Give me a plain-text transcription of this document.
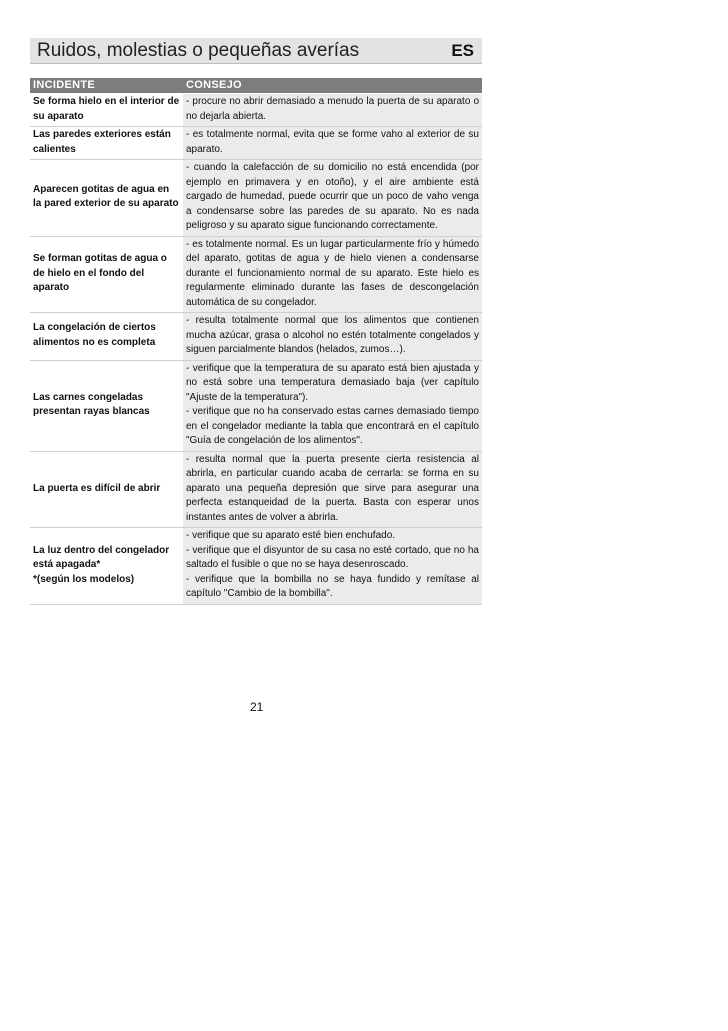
Ruidos, molestias o pequeñas averías	ES
INCIDENTE	CONSEJO
Se forma hielo en el interior de su aparato	- procure no abrir demasiado a menudo la puerta de su aparato o no dejarla abierta.

Las paredes exteriores están calientes	- es totalmente normal, evita que se forme vaho al exterior de su aparato.

Aparecen gotitas de agua en la pared exterior de su aparato	- cuando la calefacción de su domicilio no está encendida (por ejemplo en primavera y en otoño), y el aire ambiente está cargado de humedad, puede ocurrir que un poco de vaho venga a condensarse sobre las paredes de su aparato. No es nada peligroso y su aparato sigue funcionando correctamente.

Se forman gotitas de agua o de hielo en el fondo del aparato	- es totalmente normal. Es un lugar particularmente frío y húmedo del aparato, gotitas de agua y de hielo vienen a condensarse durante el funcionamiento normal de su aparato. Este hielo es regularmente eliminado durante las fases de descongelación automática de su congelador.

La congelación de ciertos alimentos no es completa	- resulta totalmente normal que los alimentos que contienen mucha azúcar, grasa o alcohol no estén totalmente congelados y siguen parcialmente blandos (helados, zumos…).

Las carnes congeladas presentan rayas blancas	- verifique que la temperatura de su aparato está bien ajustada y no está sobre una temperatura demasiado baja (ver capítulo "Ajuste de la temperatura").
- verifique que no ha conservado estas carnes demasiado tiempo en el congelador mediante la tabla que encontrará en el capítulo "Guía de congelación de los alimentos".

La puerta es difícil de abrir	- resulta normal que la puerta presente cierta resistencia al abrirla, en particular cuando acaba de cerrarla: se forma en su aparato una pequeña depresión que sirve para asegurar una perfecta estanqueidad de la puerta. Basta con esperar unos instantes antes de volver a abrirla.

La luz dentro del congelador está apagada*
*(según los modelos)	- verifique que su aparato esté bien enchufado.
- verifique que el disyuntor de su casa no esté cortado, que no ha saltado el fusible o que no se haya desenroscado.
- verifique que la bombilla no se haya fundido y remítase al capítulo "Cambio de la bombilla".
21
